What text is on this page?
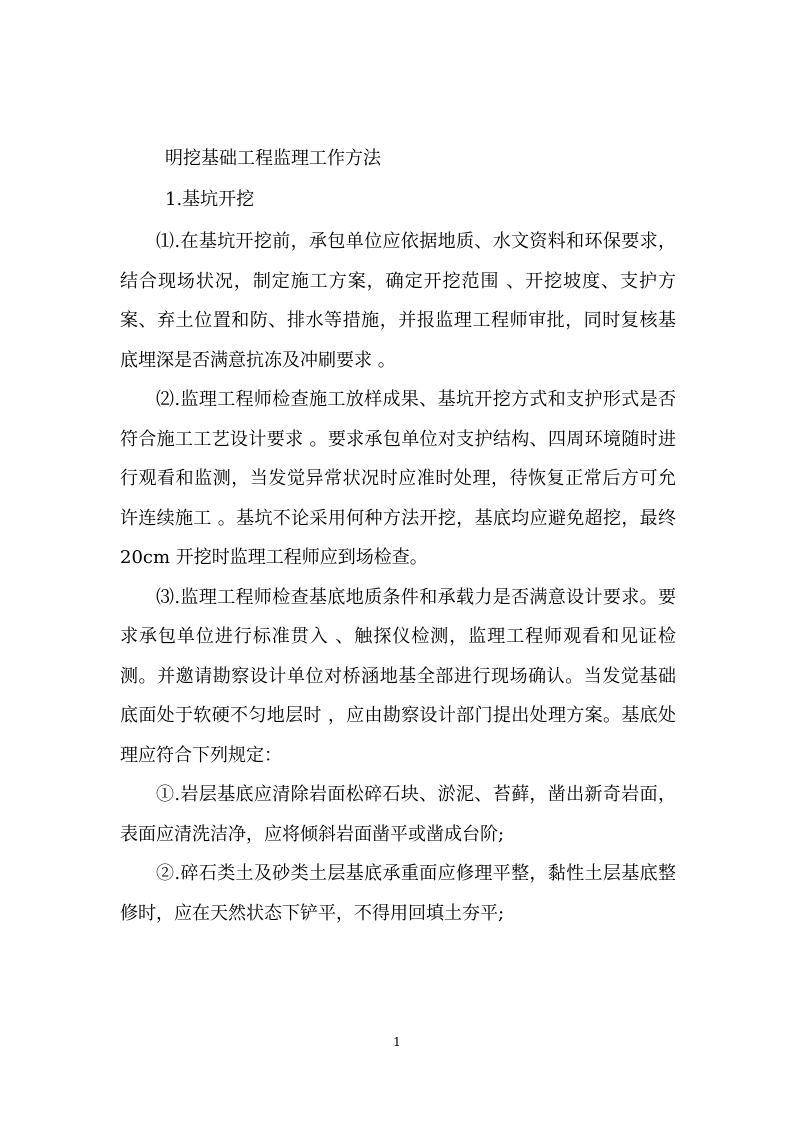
明挖基础工程监理工作方法
1.基坑开挖

⑴.在基坑开挖前，承包单位应依据地质、水文资料和环保要求，结合现场状况，制定施工方案，确定开挖范围 、开挖坡度、支护方案、弃土位置和防、排水等措施，并报监理工程师审批，同时复核基底埋深是否满意抗冻及冲刷要求 。

⑵.监理工程师检查施工放样成果、基坑开挖方式和支护形式是否符合施工工艺设计要求 。要求承包单位对支护结构、四周环境随时进行观看和监测，当发觉异常状况时应准时处理，待恢复正常后方可允许连续施工 。基坑不论采用何种方法开挖，基底均应避免超挖，最终 20cm 开挖时监理工程师应到场检查。

⑶.监理工程师检查基底地质条件和承载力是否满意设计要求。要求承包单位进行标准贯入 、触探仪检测，监理工程师观看和见证检测。并邀请勘察设计单位对桥涵地基全部进行现场确认。当发觉基础底面处于软硬不匀地层时 ，应由勘察设计部门提出处理方案。基底处理应符合下列规定：

①.岩层基底应清除岩面松碎石块、淤泥、苔藓，凿出新奇岩面，表面应清洗洁净，应将倾斜岩面凿平或凿成台阶;

②.碎石类土及砂类土层基底承重面应修理平整，黏性土层基底整修时，应在天然状态下铲平，不得用回填土夯平;

1
